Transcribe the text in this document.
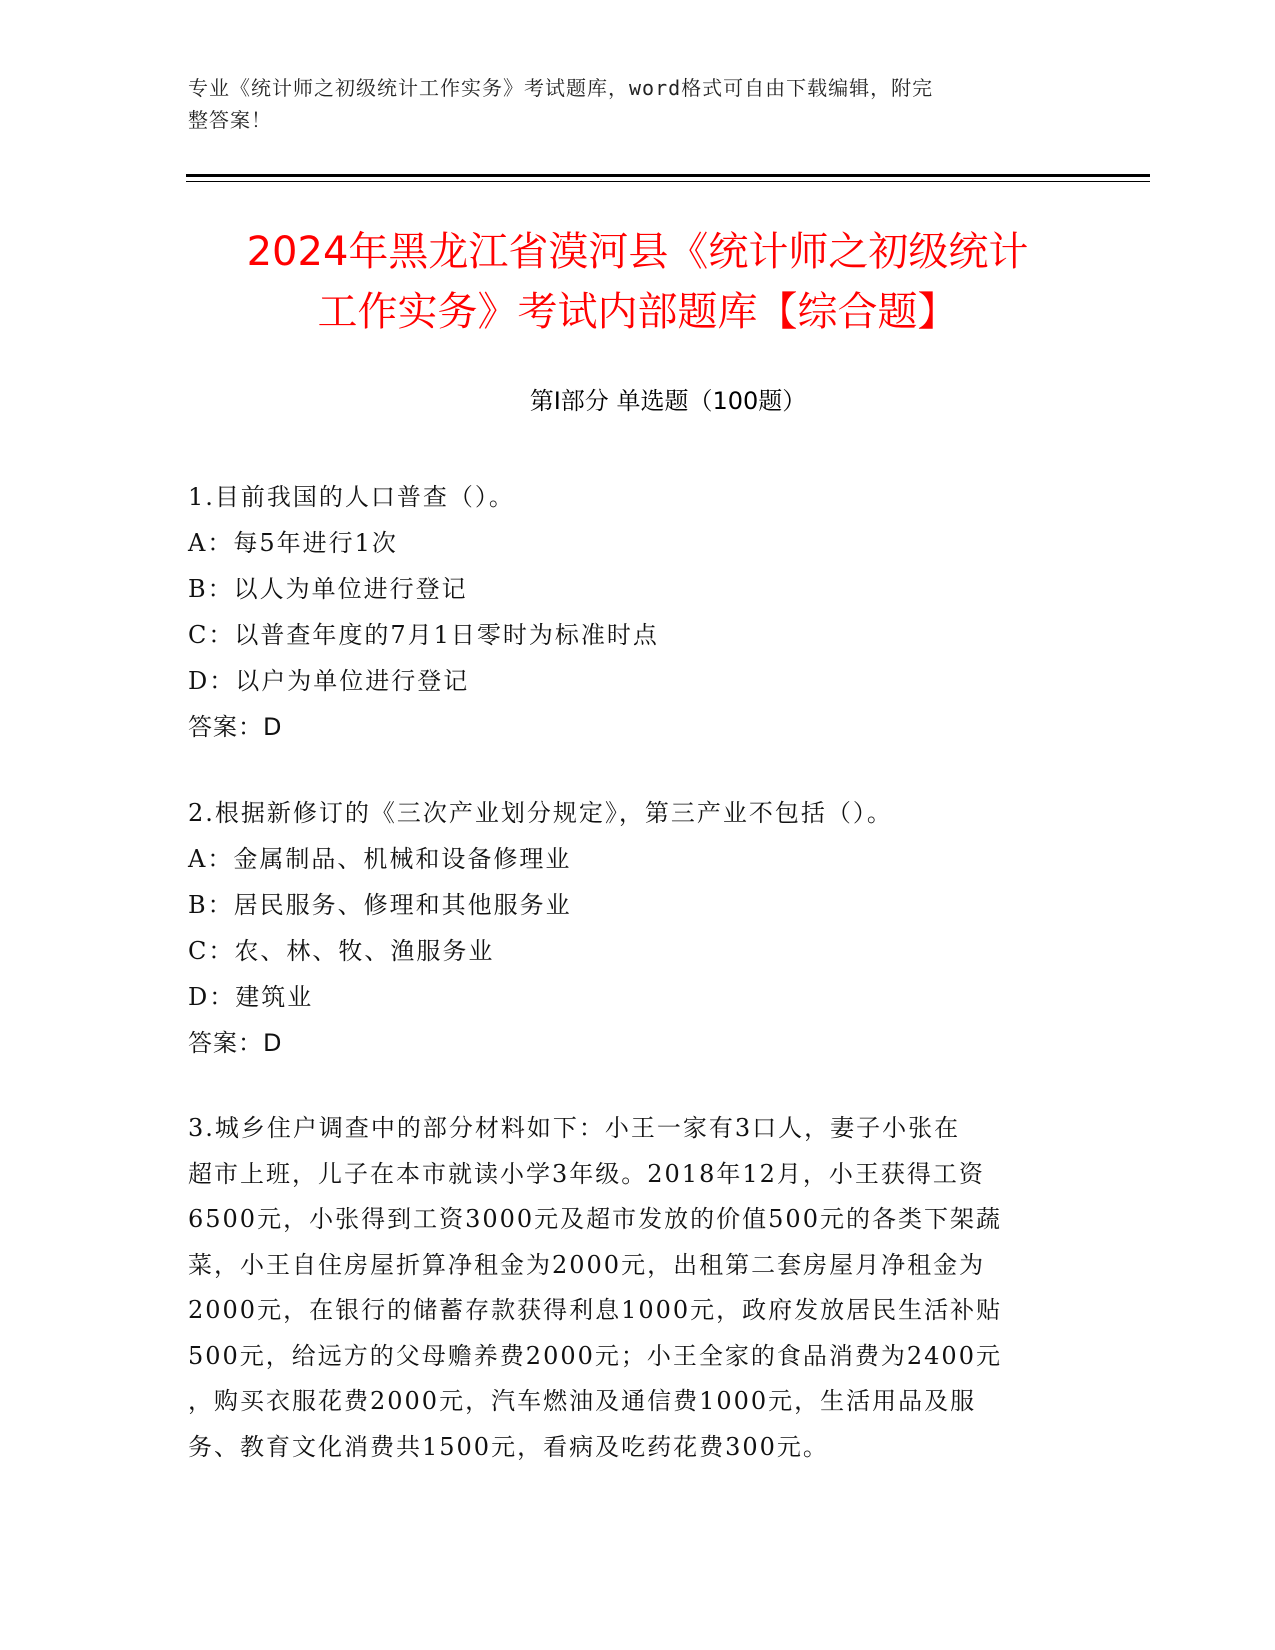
专业《统计师之初级统计工作实务》考试题库，word格式可自由下载编辑，附完
整答案！
2024年黑龙江省漠河县《统计师之初级统计
工作实务》考试内部题库【综合题】
第Ⅰ部分 单选题（100题）
1.目前我国的人口普查（）。
A：每5年进行1次
B：以人为单位进行登记
C：以普查年度的7月1日零时为标准时点
D：以户为单位进行登记
答案：D
2.根据新修订的《三次产业划分规定》，第三产业不包括（）。
A：金属制品、机械和设备修理业
B：居民服务、修理和其他服务业
C：农、林、牧、渔服务业
D：建筑业
答案：D
3.城乡住户调查中的部分材料如下：小王一家有3口人，妻子小张在
超市上班，儿子在本市就读小学3年级。2018年12月，小王获得工资
6500元，小张得到工资3000元及超市发放的价值500元的各类下架蔬
菜，小王自住房屋折算净租金为2000元，出租第二套房屋月净租金为
2000元，在银行的储蓄存款获得利息1000元，政府发放居民生活补贴
500元，给远方的父母赡养费2000元；小王全家的食品消费为2400元
，购买衣服花费2000元，汽车燃油及通信费1000元，生活用品及服
务、教育文化消费共1500元，看病及吃药花费300元。
